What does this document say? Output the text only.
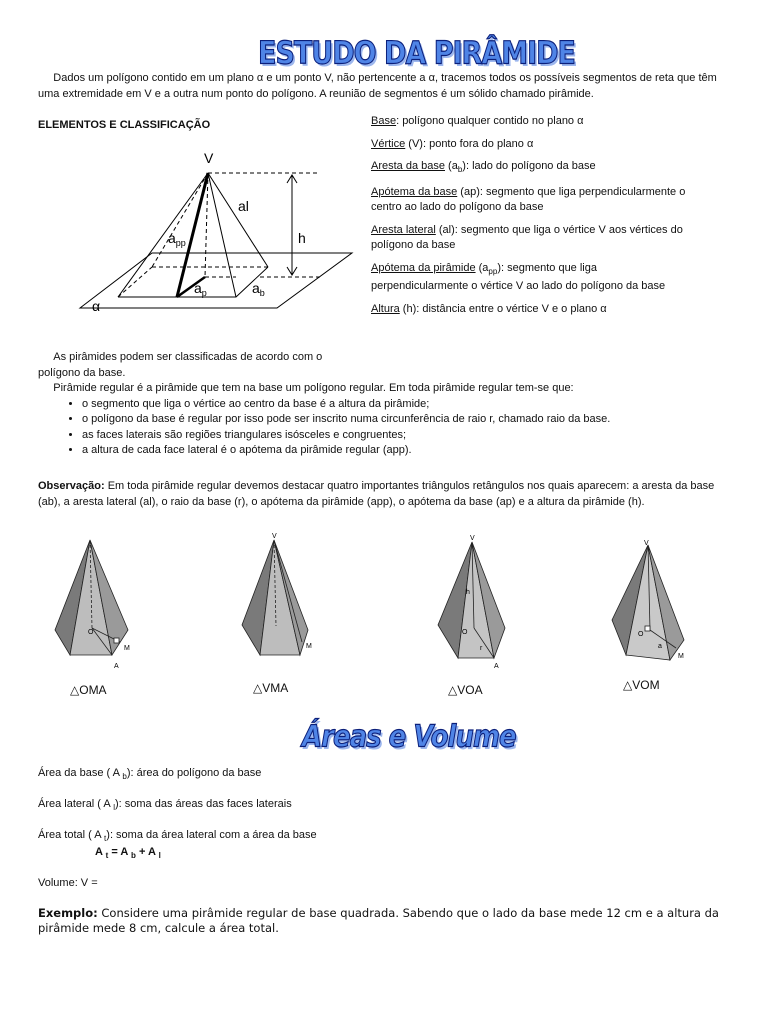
ESTUDO DA PIRÂMIDE

Dados um polígono contido em um plano α e um ponto V, não pertencente a α, tracemos todos os possíveis segmentos de reta que têm uma extremidade em V e a outra num ponto do polígono. A reunião de segmentos é um sólido chamado pirâmide.

ELEMENTOS E CLASSIFICAÇÃO

V
al
h
$a_{pp}$
$a_p$	$a_b$
α

Base: polígono qualquer contido no plano α

Vértice (V): ponto fora do plano α

Aresta da base $(a_b)$: lado do polígono da base

Apótema da base (ap): segmento que liga perpendicularmente o centro ao lado do polígono da base

Aresta lateral (al): segmento que liga o vértice V aos vértices do polígono da base

Apótema da pirâmide $(a_{pp})$: segmento que liga perpendicularmente o vértice V ao lado do polígono da base

Altura (h): distância entre o vértice V e o plano α

As pirâmides podem ser classificadas de acordo com o polígono da base.

Pirâmide regular é a pirâmide que tem na base um polígono regular. Em toda pirâmide regular tem-se que:

• o segmento que liga o vértice ao centro da base é a altura da pirâmide;
• o polígono da base é regular por isso pode ser inscrito numa circunferência de raio r, chamado raio da base.
• as faces laterais são regiões triangulares isósceles e congruentes;
• a altura de cada face lateral é o apótema da pirâmide regular (app).

Observação: Em toda pirâmide regular devemos destacar quatro importantes triângulos retângulos nos quais aparecem: a aresta da base (ab), a aresta lateral (al), o raio da base (r), o apótema da pirâmide (app), o apótema da base (ap) e a altura da pirâmide (h).

O
M
A
V
M
V
h
O
r
A
V
O
a
M
△OMA	△VMA	△VOA	△VOM
Áreas e Volume

Área da base ( A $_b$): área do polígono da base

Área lateral ( A $_l$): soma das áreas das faces laterais

Área total ( A $_t$): soma da área lateral com a área da base

A $_t$ = A $_b$ + A $_l$

Volume: V =

Exemplo: Considere uma pirâmide regular de base quadrada. Sabendo que o lado da base mede 12 cm e a altura da pirâmide mede 8 cm, calcule a área total.
